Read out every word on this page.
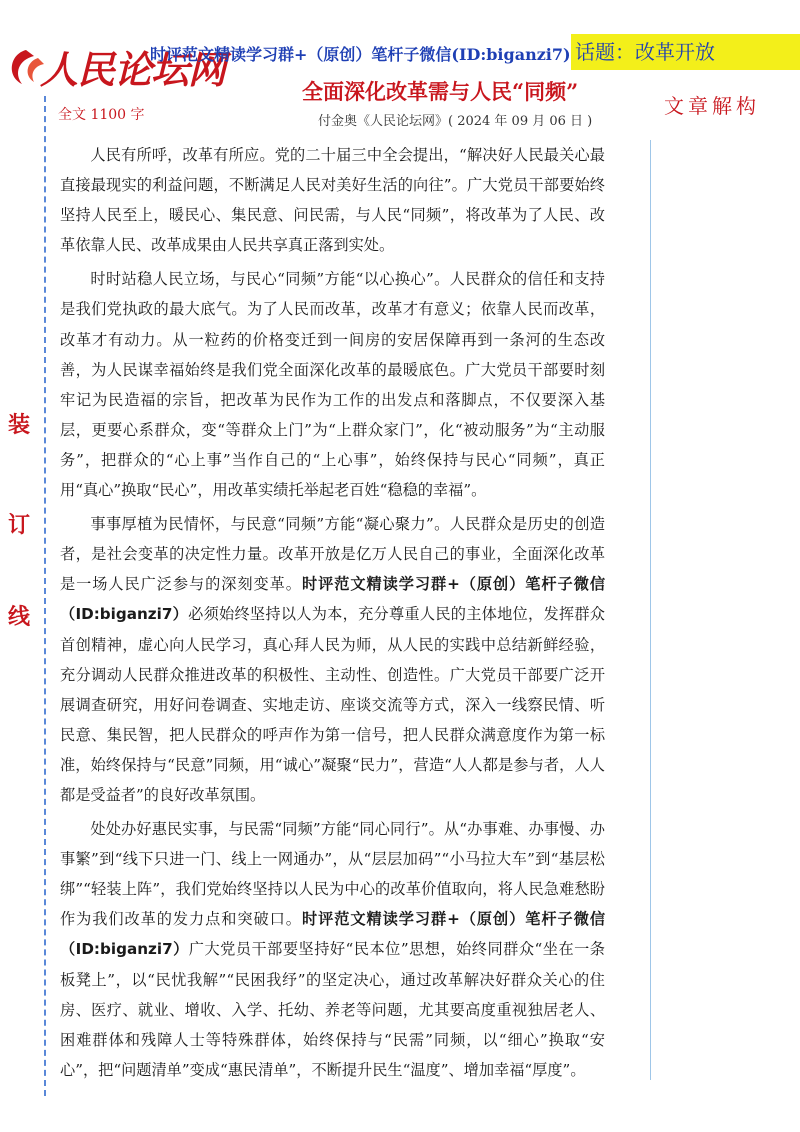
人民论坛网
时评范文精读学习群+（原创）笔杆子微信(ID:biganzi7) 话题：改革开放
全面深化改革需与人民“同频”
全文 1100 字	付金奥《人民论坛网》( 2024 年 09 月 06 日 )
文章解构
装
订
线

人民有所呼，改革有所应。党的二十届三中全会提出，“解决好人民最关心最直接最现实的利益问题，不断满足人民对美好生活的向往”。广大党员干部要始终坚持人民至上，暖民心、集民意、问民需，与人民“同频”，将改革为了人民、改革依靠人民、改革成果由人民共享真正落到实处。

时时站稳人民立场，与民心“同频”方能“以心换心”。人民群众的信任和支持是我们党执政的最大底气。为了人民而改革，改革才有意义；依靠人民而改革，改革才有动力。从一粒药的价格变迁到一间房的安居保障再到一条河的生态改善，为人民谋幸福始终是我们党全面深化改革的最暖底色。广大党员干部要时刻牢记为民造福的宗旨，把改革为民作为工作的出发点和落脚点，不仅要深入基层，更要心系群众，变“等群众上门”为“上群众家门”，化“被动服务”为“主动服务”，把群众的“心上事”当作自己的“上心事”，始终保持与民心“同频”，真正用“真心”换取“民心”，用改革实绩托举起老百姓“稳稳的幸福”。

事事厚植为民情怀，与民意“同频”方能“凝心聚力”。人民群众是历史的创造者，是社会变革的决定性力量。改革开放是亿万人民自己的事业，全面深化改革是一场人民广泛参与的深刻变革。时评范文精读学习群+（原创）笔杆子微信（ID:biganzi7）必须始终坚持以人为本，充分尊重人民的主体地位，发挥群众首创精神，虚心向人民学习，真心拜人民为师，从人民的实践中总结新鲜经验，充分调动人民群众推进改革的积极性、主动性、创造性。广大党员干部要广泛开展调查研究，用好问卷调查、实地走访、座谈交流等方式，深入一线察民情、听民意、集民智，把人民群众的呼声作为第一信号，把人民群众满意度作为第一标准，始终保持与“民意”同频，用“诚心”凝聚“民力”，营造“人人都是参与者，人人都是受益者”的良好改革氛围。

处处办好惠民实事，与民需“同频”方能“同心同行”。从“办事难、办事慢、办事繁”到“线下只进一门、线上一网通办”，从“层层加码”“小马拉大车”到“基层松绑”“轻装上阵”，我们党始终坚持以人民为中心的改革价值取向，将人民急难愁盼作为我们改革的发力点和突破口。时评范文精读学习群+（原创）笔杆子微信（ID:biganzi7）广大党员干部要坚持好“民本位”思想，始终同群众“坐在一条板凳上”，以“民忧我解”“民困我纾”的坚定决心，通过改革解决好群众关心的住房、医疗、就业、增收、入学、托幼、养老等问题，尤其要高度重视独居老人、困难群体和残障人士等特殊群体，始终保持与“民需”同频，以“细心”换取“安心”，把“问题清单”变成“惠民清单”，不断提升民生“温度”、增加幸福“厚度”。
